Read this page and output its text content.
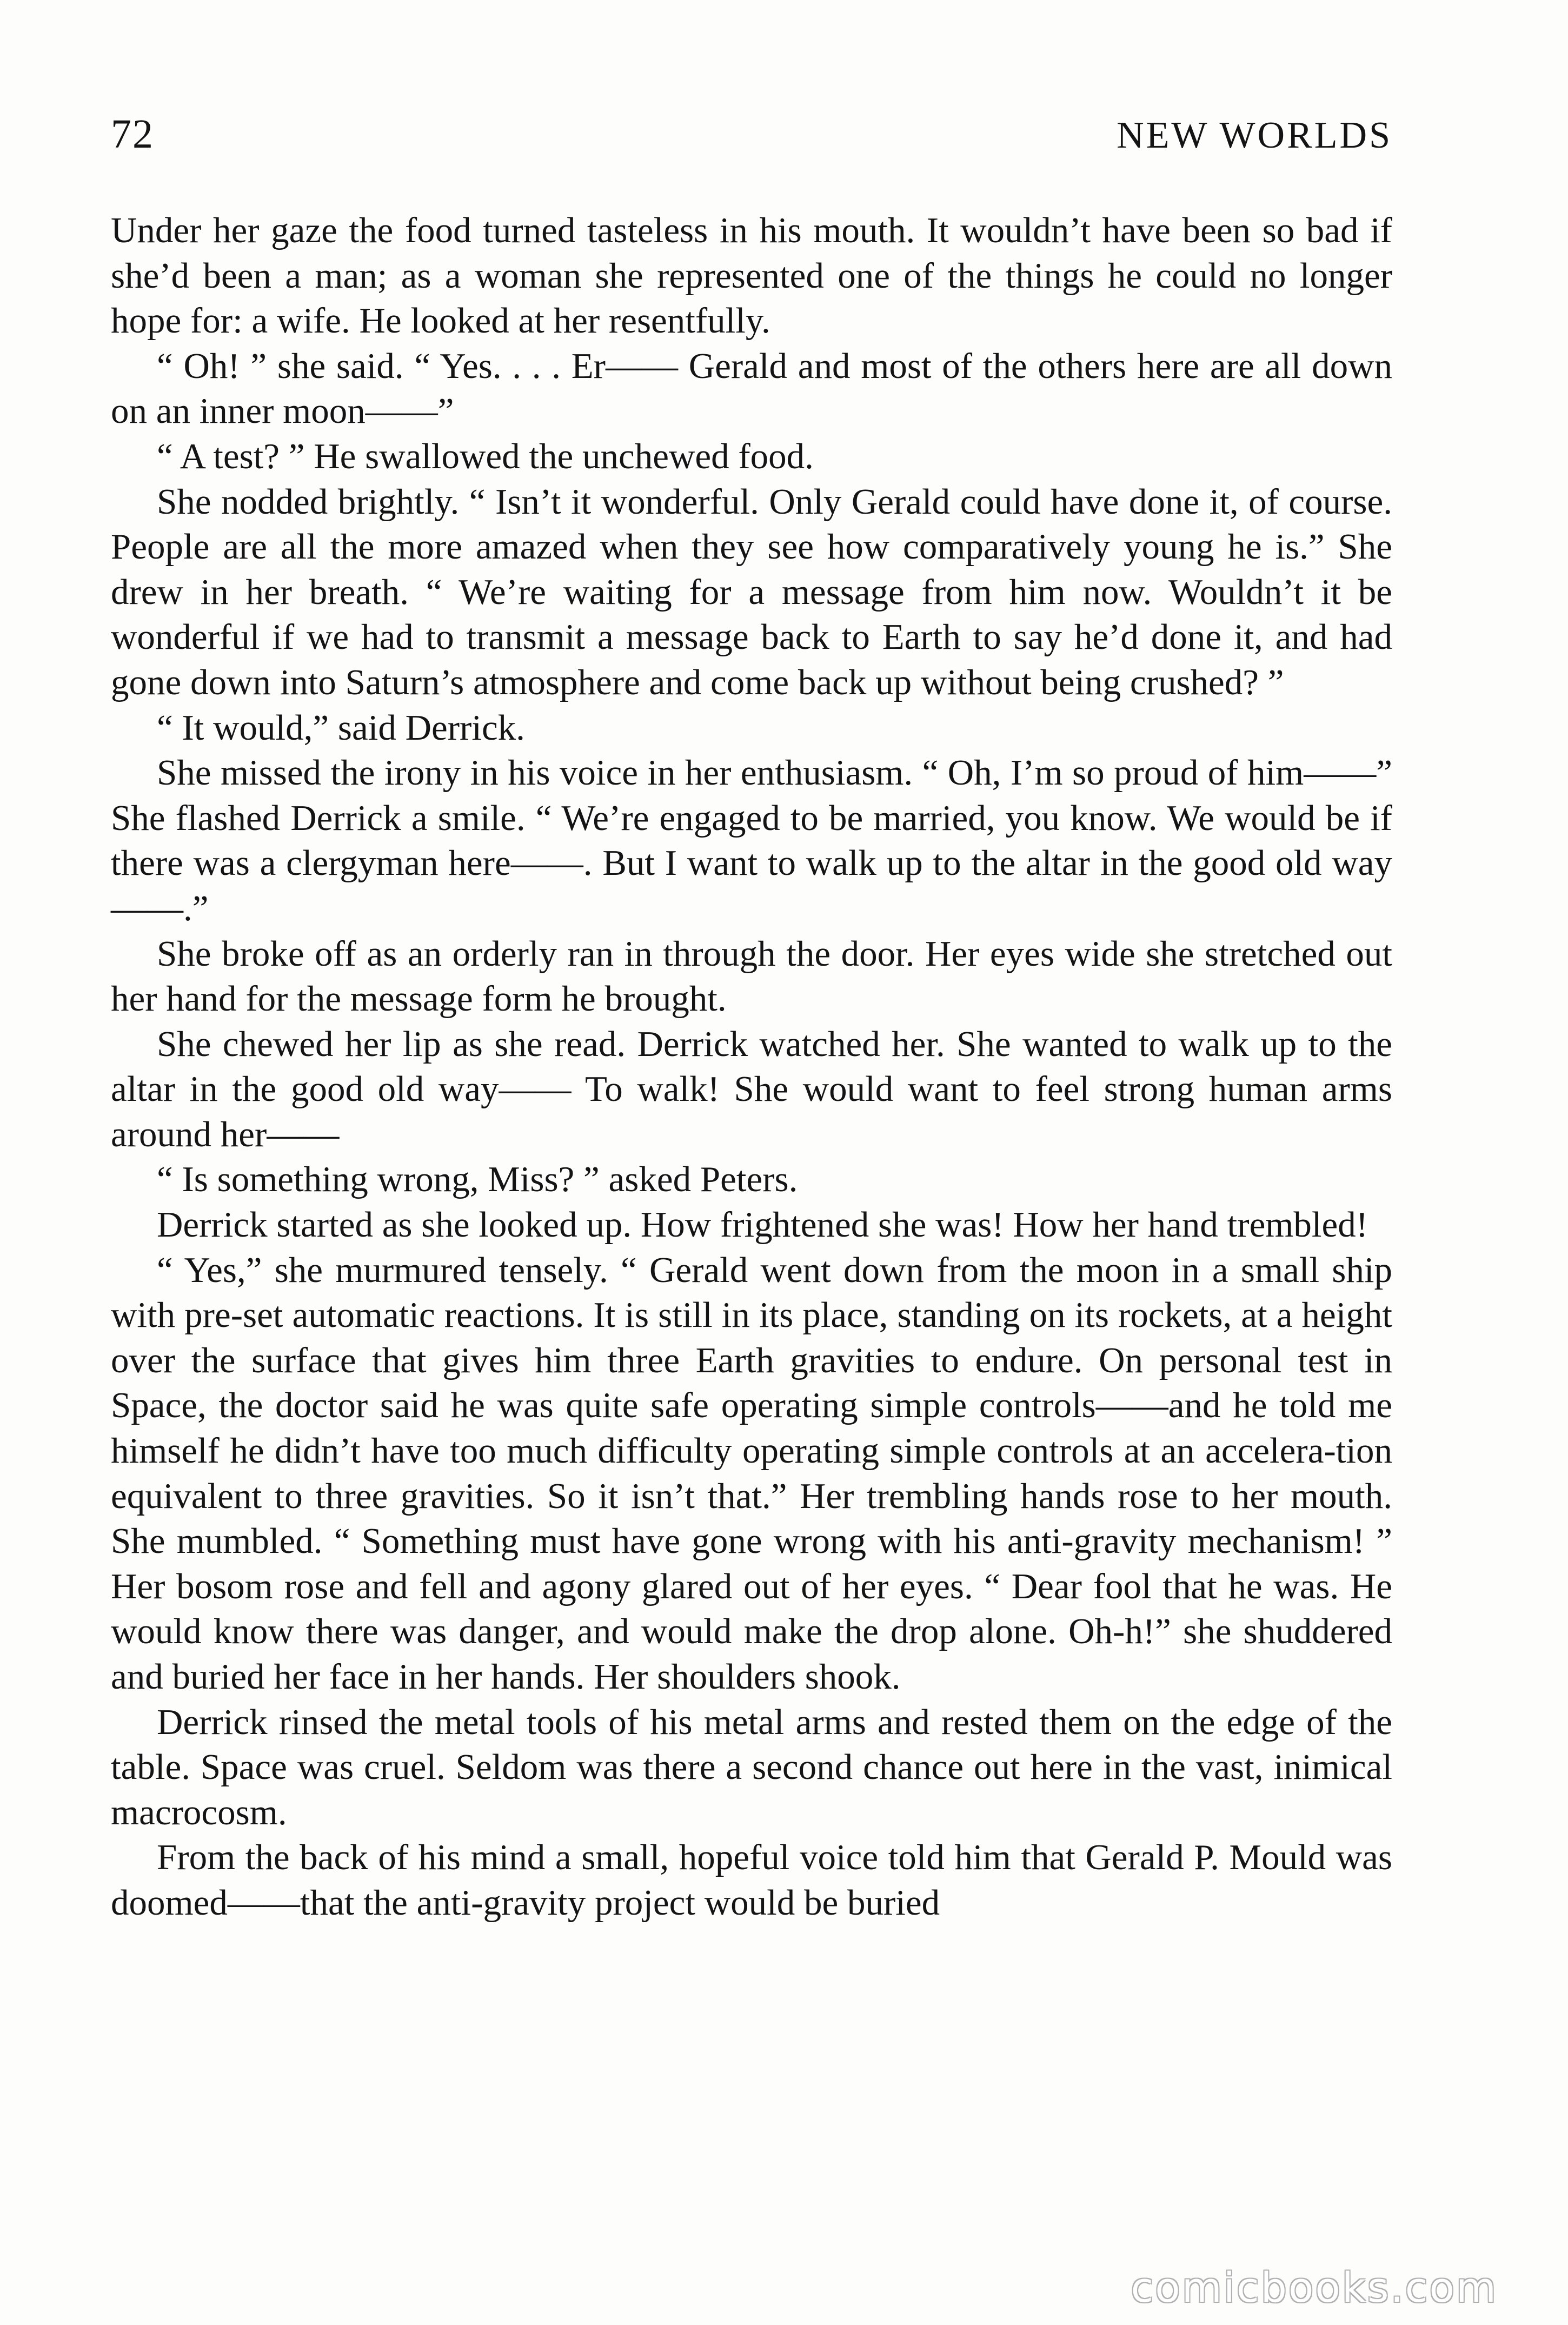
72	NEW WORLDS

Under her gaze the food turned tasteless in his mouth. It wouldn’t have been so bad if she’d been a man; as a woman she represented one of the things he could no longer hope for: a wife. He looked at her resentfully.

“ Oh! ” she said. “ Yes. . . . Er—— Gerald and most of the others here are all down on an inner moon——”

“ A test? ” He swallowed the unchewed food.

She nodded brightly. “ Isn’t it wonderful. Only Gerald could have done it, of course. People are all the more amazed when they see how comparatively young he is.” She drew in her breath. “ We’re waiting for a message from him now. Wouldn’t it be wonderful if we had to transmit a message back to Earth to say he’d done it, and had gone down into Saturn’s atmosphere and come back up without being crushed? ”

“ It would,” said Derrick.

She missed the irony in his voice in her enthusiasm. “ Oh, I’m so proud of him——” She flashed Derrick a smile. “ We’re engaged to be married, you know. We would be if there was a clergyman here——. But I want to walk up to the altar in the good old way——.”

She broke off as an orderly ran in through the door. Her eyes wide she stretched out her hand for the message form he brought.

She chewed her lip as she read. Derrick watched her. She wanted to walk up to the altar in the good old way—— To walk! She would want to feel strong human arms around her——

“ Is something wrong, Miss? ” asked Peters.

Derrick started as she looked up. How frightened she was! How her hand trembled!

“ Yes,” she murmured tensely. “ Gerald went down from the moon in a small ship with pre-set automatic reactions. It is still in its place, standing on its rockets, at a height over the surface that gives him three Earth gravities to endure. On personal test in Space, the doctor said he was quite safe operating simple controls——and he told me himself he didn’t have too much difficulty operating simple controls at an accelera-tion equivalent to three gravities. So it isn’t that.” Her trembling hands rose to her mouth. She mumbled. “ Something must have gone wrong with his anti-gravity mechanism! ” Her bosom rose and fell and agony glared out of her eyes. “ Dear fool that he was. He would know there was danger, and would make the drop alone. Oh-h!” she shuddered and buried her face in her hands. Her shoulders shook.

Derrick rinsed the metal tools of his metal arms and rested them on the edge of the table. Space was cruel. Seldom was there a second chance out here in the vast, inimical macrocosm.

From the back of his mind a small, hopeful voice told him that Gerald P. Mould was doomed——that the anti-gravity project would be buried

comicbooks.com
